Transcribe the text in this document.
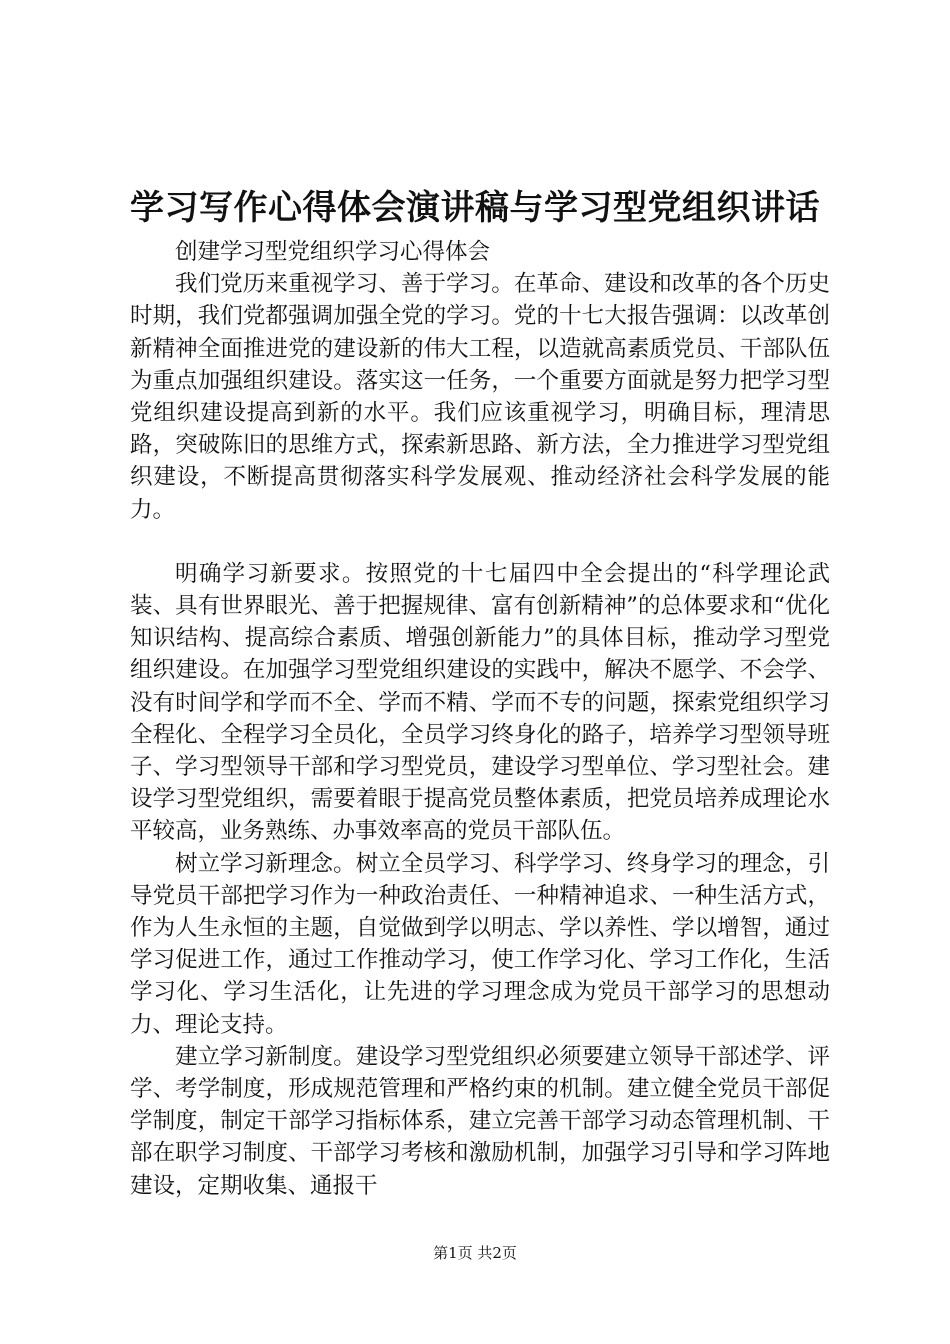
学习写作心得体会演讲稿与学习型党组织讲话

创建学习型党组织学习心得体会

我们党历来重视学习、善于学习。在革命、建设和改革的各个历史时期，我们党都强调加强全党的学习。党的十七大报告强调：以改革创新精神全面推进党的建设新的伟大工程，以造就高素质党员、干部队伍为重点加强组织建设。落实这一任务，一个重要方面就是努力把学习型党组织建设提高到新的水平。我们应该重视学习，明确目标，理清思路，突破陈旧的思维方式，探索新思路、新方法，全力推进学习型党组织建设，不断提高贯彻落实科学发展观、推动经济社会科学发展的能力。

明确学习新要求。按照党的十七届四中全会提出的“科学理论武装、具有世界眼光、善于把握规律、富有创新精神”的总体要求和“优化知识结构、提高综合素质、增强创新能力”的具体目标，推动学习型党组织建设。在加强学习型党组织建设的实践中，解决不愿学、不会学、没有时间学和学而不全、学而不精、学而不专的问题，探索党组织学习全程化、全程学习全员化，全员学习终身化的路子，培养学习型领导班子、学习型领导干部和学习型党员，建设学习型单位、学习型社会。建设学习型党组织，需要着眼于提高党员整体素质，把党员培养成理论水平较高，业务熟练、办事效率高的党员干部队伍。

树立学习新理念。树立全员学习、科学学习、终身学习的理念，引导党员干部把学习作为一种政治责任、一种精神追求、一种生活方式，作为人生永恒的主题，自觉做到学以明志、学以养性、学以增智，通过学习促进工作，通过工作推动学习，使工作学习化、学习工作化，生活学习化、学习生活化，让先进的学习理念成为党员干部学习的思想动力、理论支持。

建立学习新制度。建设学习型党组织必须要建立领导干部述学、评学、考学制度，形成规范管理和严格约束的机制。建立健全党员干部促学制度，制定干部学习指标体系，建立完善干部学习动态管理机制、干部在职学习制度、干部学习考核和激励机制，加强学习引导和学习阵地建设，定期收集、通报干

第1页 共2页
